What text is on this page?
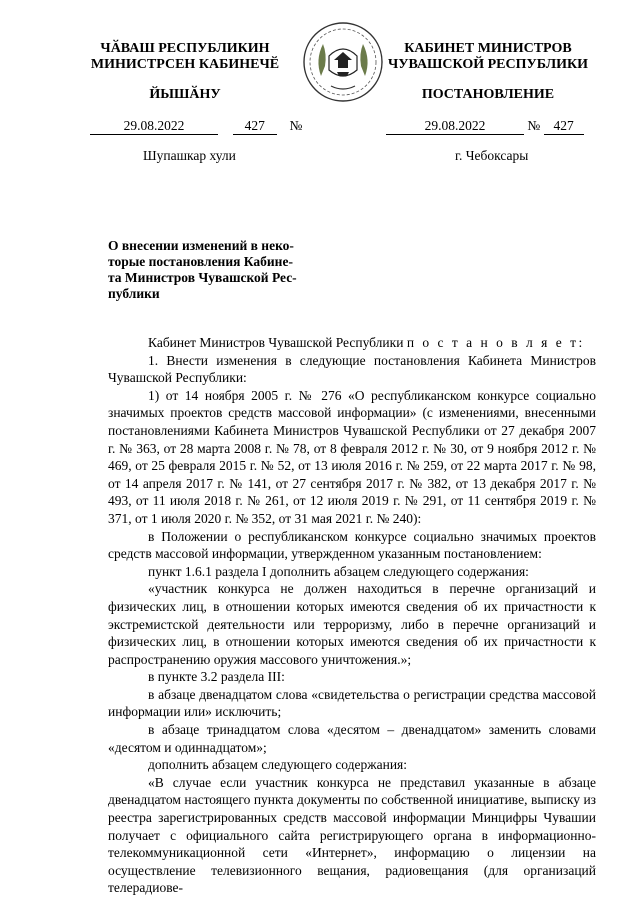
ЧӐВАШ РЕСПУБЛИКИН
МИНИСТРСЕН КАБИНЕЧӖ
ЙЫШӐНУ
КАБИНЕТ МИНИСТРОВ
ЧУВАШСКОЙ РЕСПУБЛИКИ
ПОСТАНОВЛЕНИЕ
29.08.2022	427 №	29.08.2022	№ 427
Шупашкар хули	г. Чебоксары
О внесении изменений в неко-
торые постановления Кабине-
та Министров Чувашской Рес-
публики

Кабинет Министров Чувашской Республики п о с т а н о в л я е т:

1. Внести изменения в следующие постановления Кабинета Министров Чувашской Республики:

1) от 14 ноября 2005 г. № 276 «О республиканском конкурсе социально значимых проектов средств массовой информации» (с изменениями, внесенными постановлениями Кабинета Министров Чувашской Республики от 27 декабря 2007 г. № 363, от 28 марта 2008 г. № 78, от 8 февраля 2012 г. № 30, от 9 ноября 2012 г. № 469, от 25 февраля 2015 г. № 52, от 13 июля 2016 г. № 259, от 22 марта 2017 г. № 98, от 14 апреля 2017 г. № 141, от 27 сентября 2017 г. № 382, от 13 декабря 2017 г. № 493, от 11 июля 2018 г. № 261, от 12 июля 2019 г. № 291, от 11 сентября 2019 г. № 371, от 1 июля 2020 г. № 352, от 31 мая 2021 г. № 240):

в Положении о республиканском конкурсе социально значимых проектов средств массовой информации, утвержденном указанным постановлением:

пункт 1.6.1 раздела I дополнить абзацем следующего содержания:

«участник конкурса не должен находиться в перечне организаций и физических лиц, в отношении которых имеются сведения об их причастности к экстремистской деятельности или терроризму, либо в перечне организаций и физических лиц, в отношении которых имеются сведения об их причастности к распространению оружия массового уничтожения.»;

в пункте 3.2 раздела III:

в абзаце двенадцатом слова «свидетельства о регистрации средства массовой информации или» исключить;

в абзаце тринадцатом слова «десятом – двенадцатом» заменить словами «десятом и одиннадцатом»;

дополнить абзацем следующего содержания:

«В случае если участник конкурса не представил указанные в абзаце двенадцатом настоящего пункта документы по собственной инициативе, выписку из реестра зарегистрированных средств массовой информации Минцифры Чувашии получает с официального сайта регистрирующего органа в информационно-телекоммуникационной сети «Интернет», информацию о лицензии на осуществление телевизионного вещания, радиовещания (для организаций телерадиове-
